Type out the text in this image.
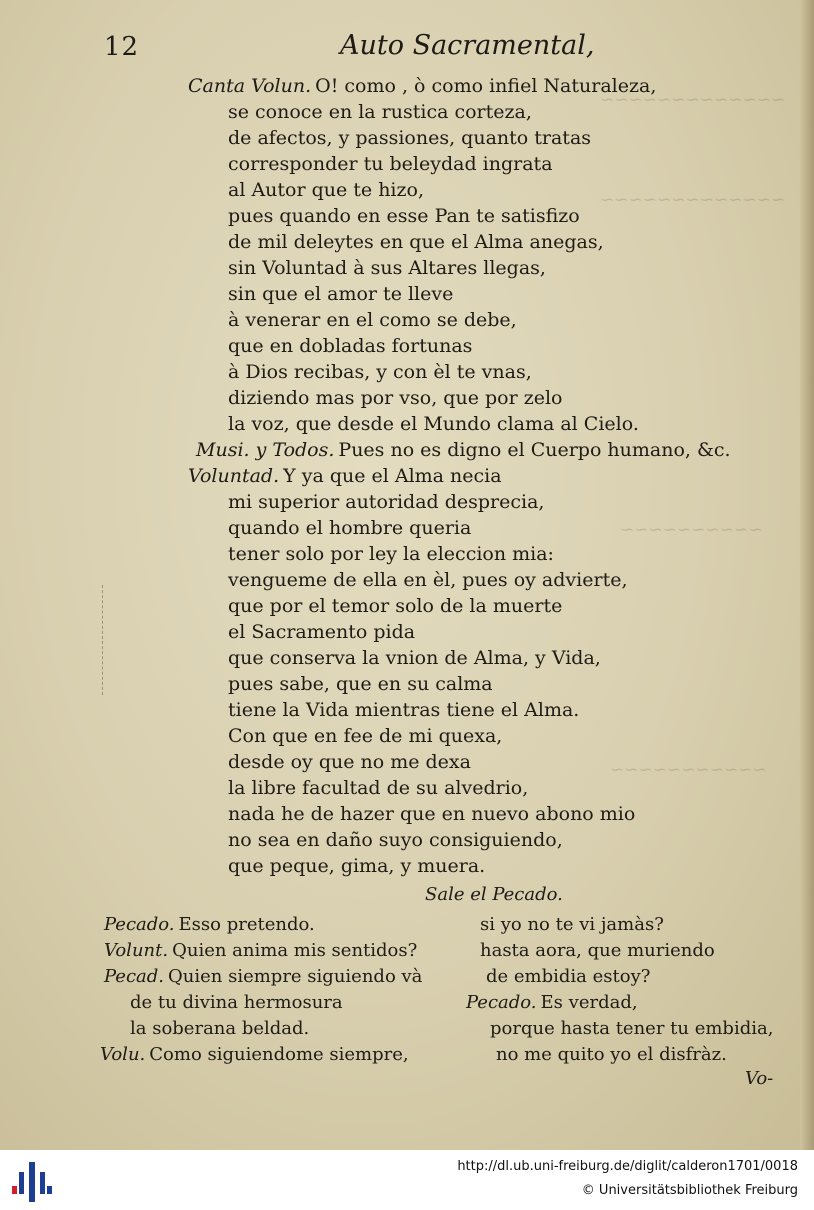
~~~~~~~~~~~~~
~~~~~~~~~~~~~
~~~~~~~~~~
~~~~~~~~~~~
12	Auto Sacramental,
Canta Volun. O! como , ò como infiel Naturaleza,
se conoce en la rustica corteza,
de afectos, y passiones, quanto tratas
corresponder tu beleydad ingrata
al Autor que te hizo,
pues quando en esse Pan te satisfizo
de mil deleytes en que el Alma anegas,
sin Voluntad à sus Altares llegas,
sin que el amor te lleve
à venerar en el como se debe,
que en dobladas fortunas
à Dios recibas, y con èl te vnas,
diziendo mas por vso, que por zelo
la voz, que desde el Mundo clama al Cielo.
Musi. y Todos. Pues no es digno el Cuerpo humano, &c.
Voluntad. Y ya que el Alma necia
mi superior autoridad desprecia,
quando el hombre queria
tener solo por ley la eleccion mia:
venguemе de ella en èl, pues oy advierte,
que por el temor solo de la muerte
el Sacramento pida
que conserva la vnion de Alma, y Vida,
pues sabe, que en su calma
tiene la Vida mientras tiene el Alma.
Con que en fee de mi quexa,
desde oy que no me dexa
la libre facultad de su alvedrio,
nada he de hazer que en nuevo abono mio
no sea en daño suyo consiguiendo,
que peque, gima, y muera.
Sale el Pecado.
Pecado. Esso pretendo.
Volunt. Quien anima mis sentidos?
Pecad. Quien siempre siguiendo và
de tu divina hermosura
la soberana beldad.
Volu. Como siguiendome siempre,
si yo no te vi jamàs?
hasta aora, que muriendo
de embidia estoy?
Pecado. Es verdad,
porque hasta tener tu embidia,
no me quito yo el disfràz.
Vo-
http://dl.ub.uni-freiburg.de/diglit/calderon1701/0018
© Universitätsbibliothek Freiburg
